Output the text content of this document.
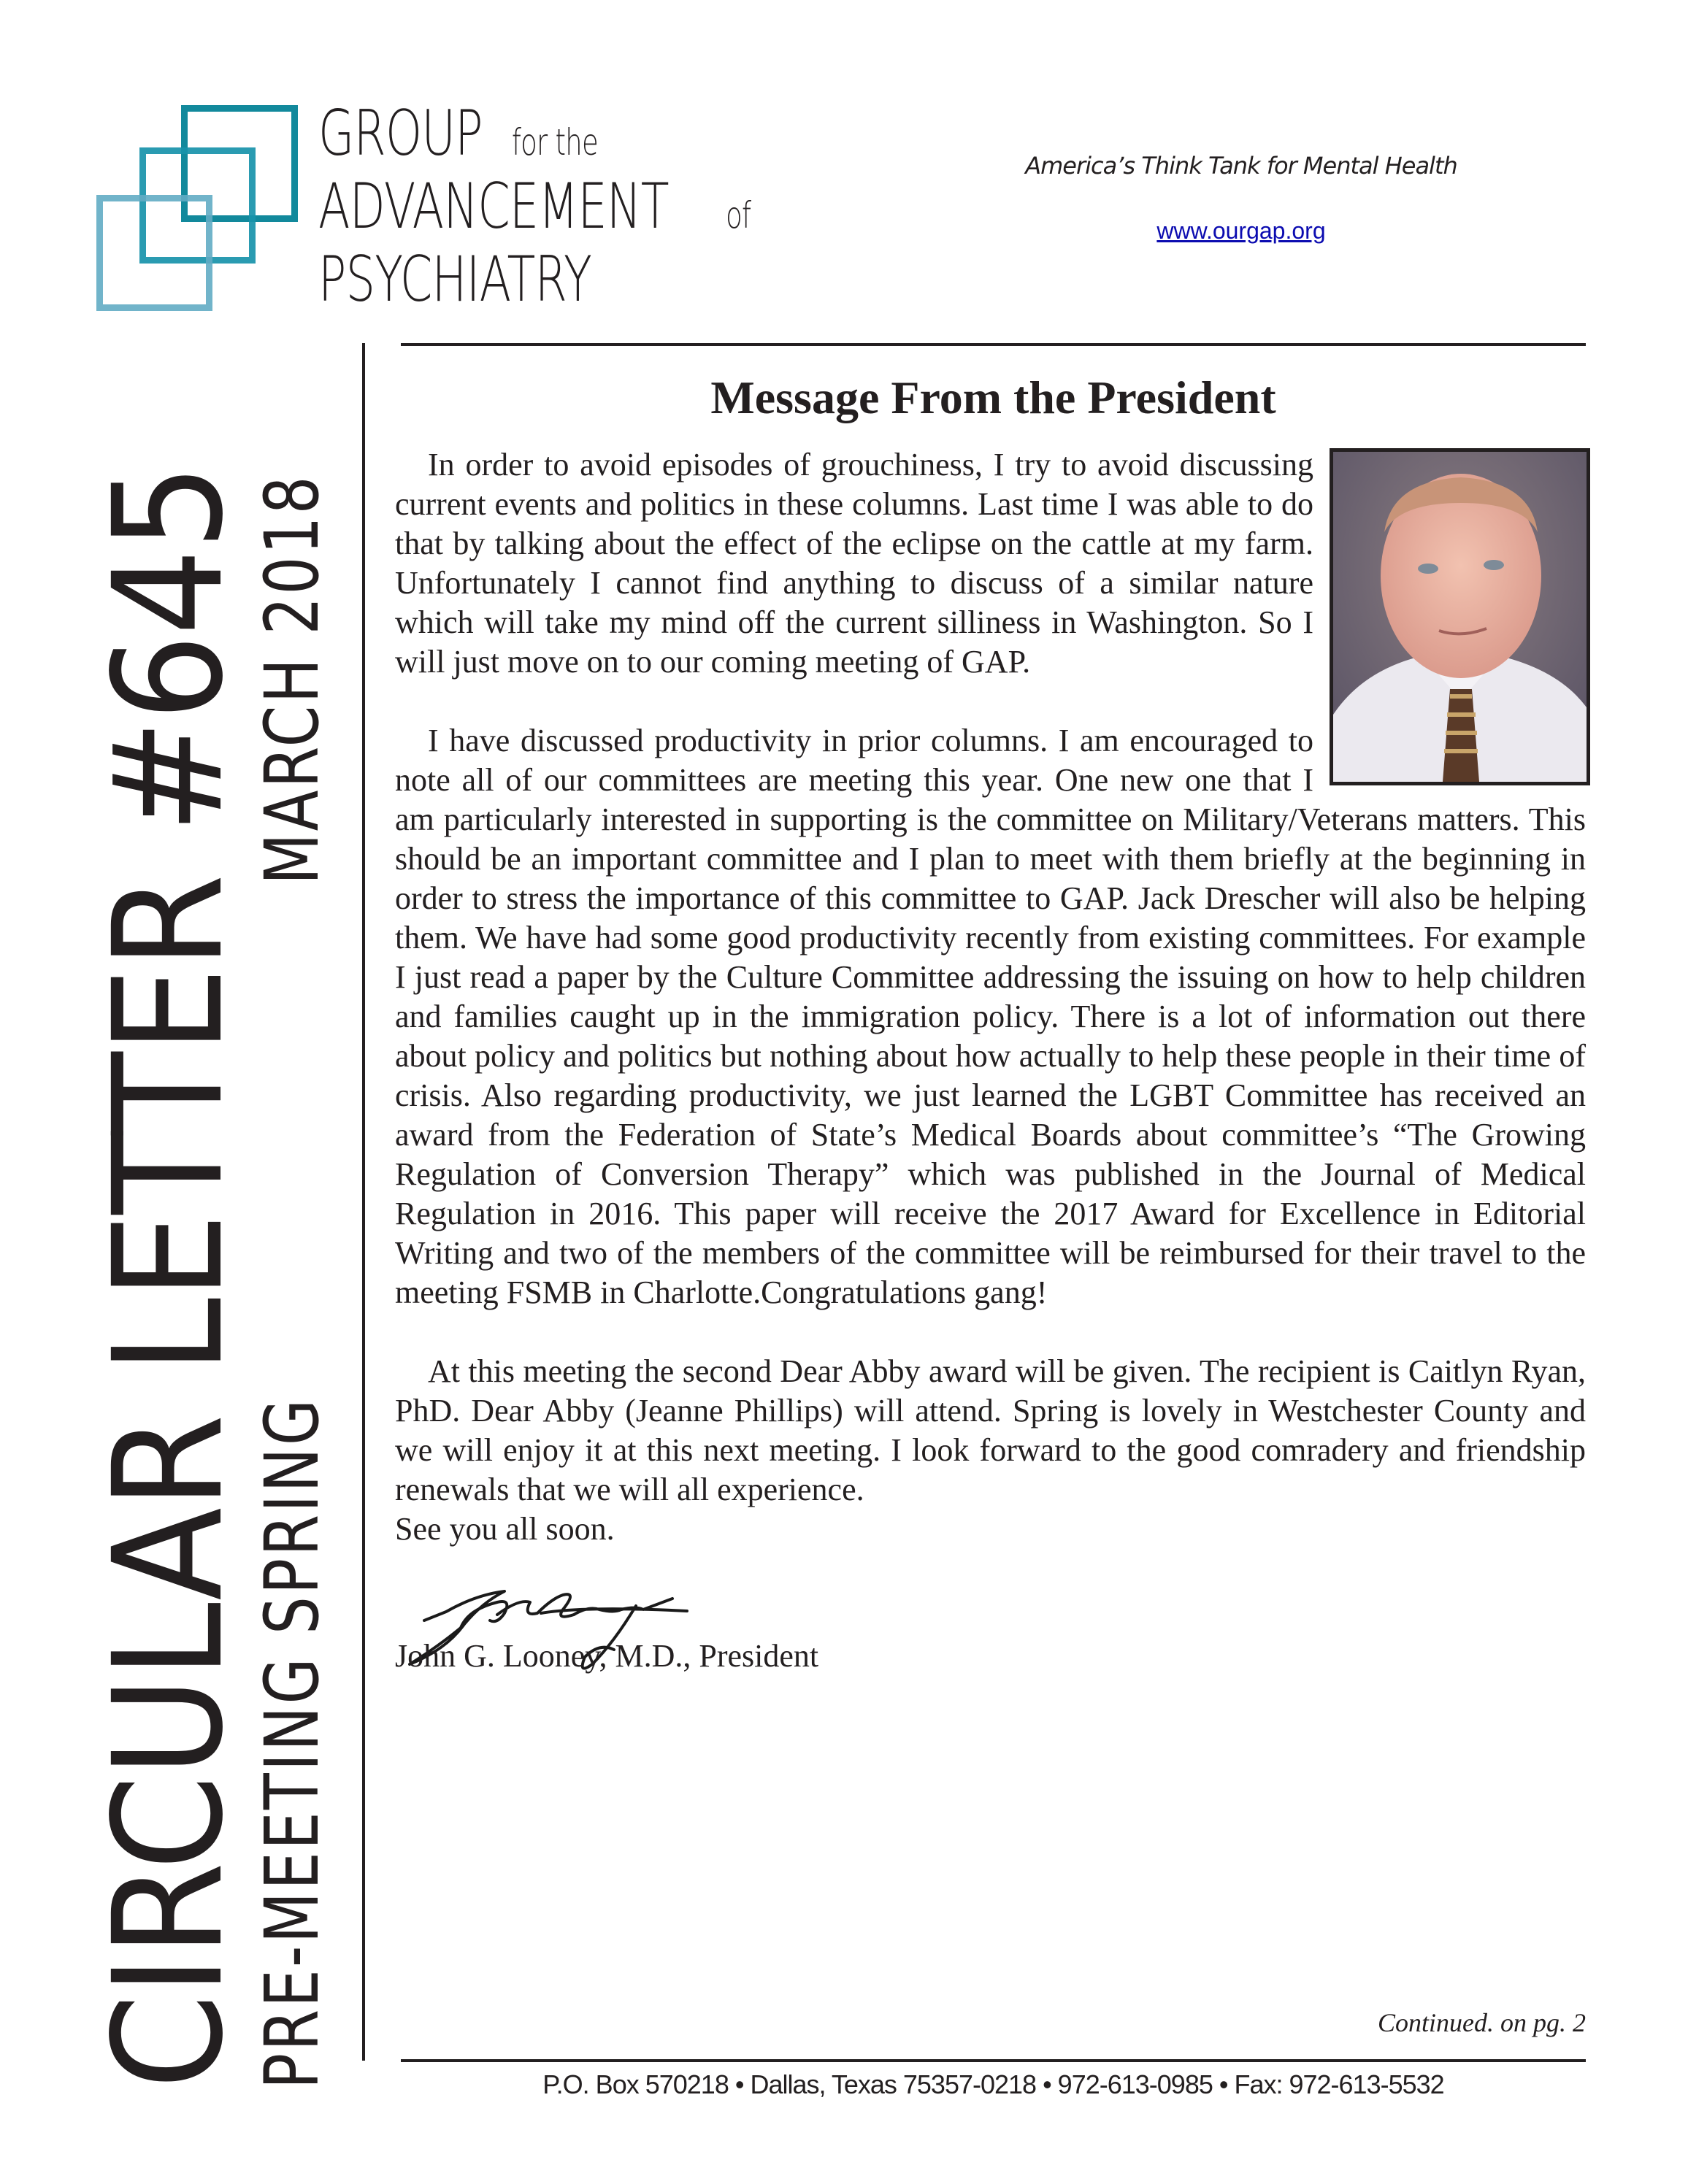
GROUP for the
ADVANCEMENT of
PSYCHIATRY
America’s Think Tank for Mental Health
www.ourgap.org
CIRCULAR LETTER #645
PRE-MEETING SPRING
MARCH 2018
Message From the President

In order to avoid episodes of grouchiness, I try to avoid discussing current events and politics in these columns. Last time I was able to do that by talking about the effect of the eclipse on the cattle at my farm. Unfortunately I cannot find anything to discuss of a similar nature which will take my mind off the current silliness in Washington. So I will just move on to our coming meeting of GAP.

I have discussed productivity in prior columns. I am encouraged to note all of our committees are meeting this year. One new one that I am particularly interested in supporting is the committee on Military/Veterans matters. This should be an important committee and I plan to meet with them briefly at the beginning in order to stress the importance of this committee to GAP. Jack Drescher will also be helping them. We have had some good productivity recently from existing committees. For example I just read a paper by the Culture Committee addressing the issuing on how to help children and families caught up in the immigration policy. There is a lot of information out there about policy and politics but nothing about how actually to help these people in their time of crisis. Also regarding productivity, we just learned the LGBT Committee has received an award from the Federation of State’s Medical Boards about committee’s “The Growing Regulation of Conversion Therapy” which was published in the Journal of Medical Regulation in 2016. This paper will receive the 2017 Award for Excellence in Editorial Writing and two of the members of the committee will be reimbursed for their travel to the meeting FSMB in Charlotte.Congratulations gang!

At this meeting the second Dear Abby award will be given. The recipient is Caitlyn Ryan, PhD. Dear Abby (Jeanne Phillips) will attend. Spring is lovely in Westchester County and we will enjoy it at this next meeting. I look forward to the good comradery and friendship renewals that we will all experience.

See you all soon.

John G. Looney, M.D., President
Continued. on pg. 2
P.O. Box 570218 • Dallas, Texas 75357-0218 • 972-613-0985 • Fax: 972-613-5532
